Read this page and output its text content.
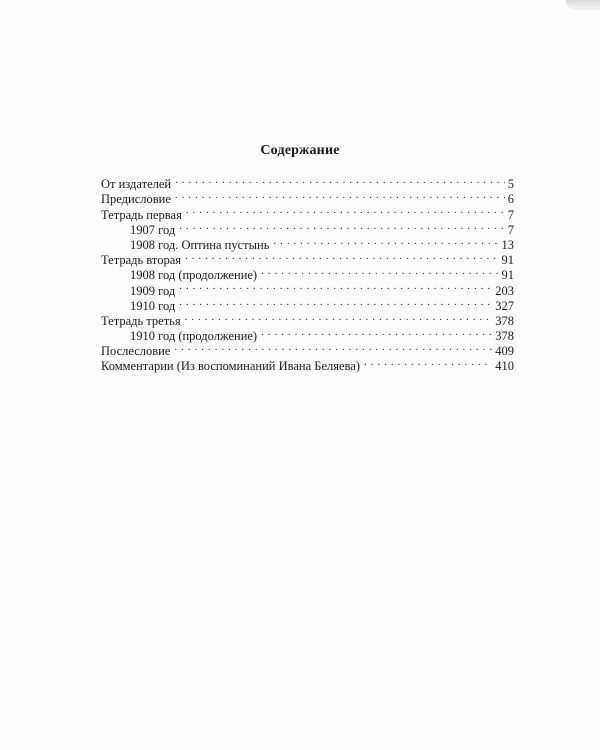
Содержание
От издателей . . .	5
Предисловие . . .	6
Тетрадь первая . . .	7
1907 год . . .	7
1908 год. Оптина пустынь . . .	13
Тетрадь вторая . . .	91
1908 год (продолжение) . . .	91
1909 год . . .	203
1910 год . . .	327
Тетрадь третья . . .	378
1910 год (продолжение) . . .	378
Послесловие . . .	409
Комментарии (Из воспоминаний Ивана Беляева) . . .	410
